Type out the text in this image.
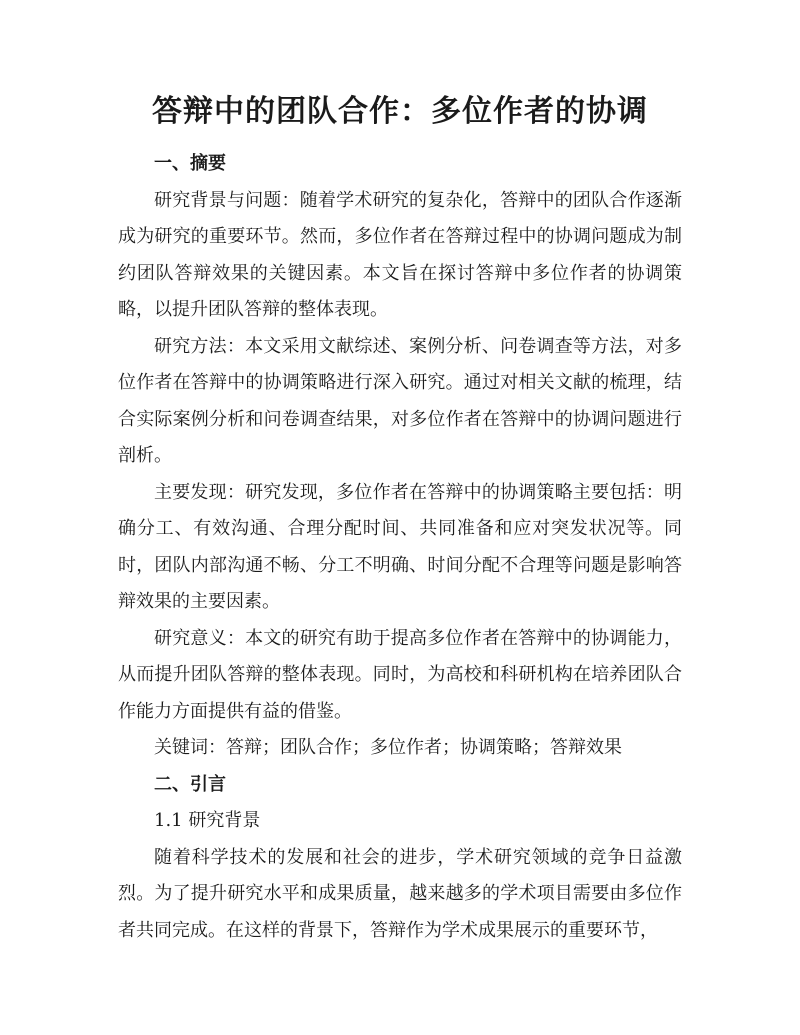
答辩中的团队合作：多位作者的协调

一、摘要

研究背景与问题：随着学术研究的复杂化，答辩中的团队合作逐渐成为研究的重要环节。然而，多位作者在答辩过程中的协调问题成为制约团队答辩效果的关键因素。本文旨在探讨答辩中多位作者的协调策略，以提升团队答辩的整体表现。

研究方法：本文采用文献综述、案例分析、问卷调查等方法，对多位作者在答辩中的协调策略进行深入研究。通过对相关文献的梳理，结合实际案例分析和问卷调查结果，对多位作者在答辩中的协调问题进行剖析。

主要发现：研究发现，多位作者在答辩中的协调策略主要包括：明确分工、有效沟通、合理分配时间、共同准备和应对突发状况等。同时，团队内部沟通不畅、分工不明确、时间分配不合理等问题是影响答辩效果的主要因素。

研究意义：本文的研究有助于提高多位作者在答辩中的协调能力，从而提升团队答辩的整体表现。同时，为高校和科研机构在培养团队合作能力方面提供有益的借鉴。

关键词：答辩；团队合作；多位作者；协调策略；答辩效果

二、引言

1.1 研究背景

随着科学技术的发展和社会的进步，学术研究领域的竞争日益激烈。为了提升研究水平和成果质量，越来越多的学术项目需要由多位作者共同完成。在这样的背景下，答辩作为学术成果展示的重要环节，
